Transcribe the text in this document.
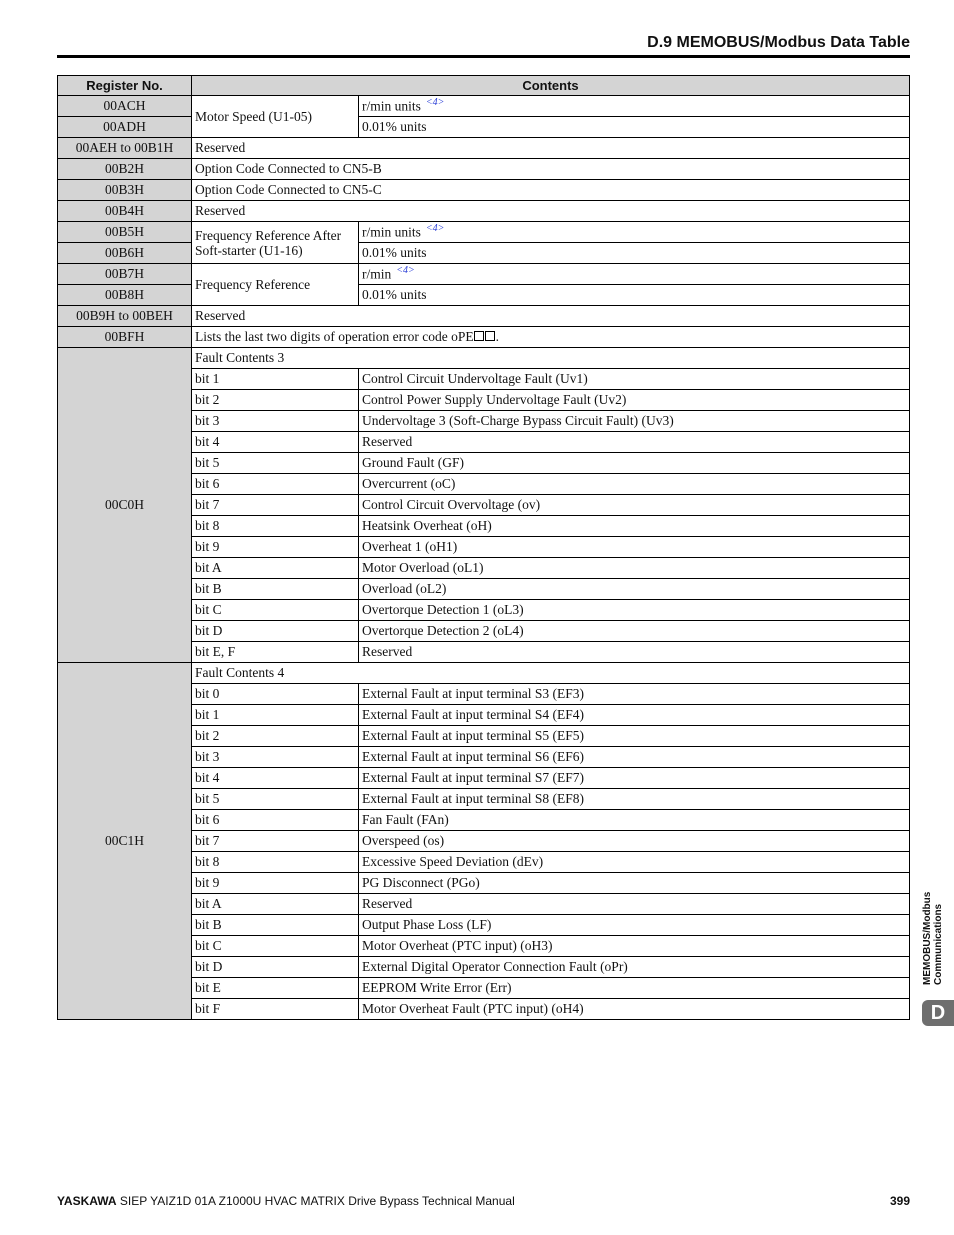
D.9 MEMOBUS/Modbus Data Table
Register No.	Contents	
00ACH	Motor Speed (U1-05)	r/min units $^{<4>}$
00ADH		0.01% units
00AEH to 00B1H	Reserved	
00B2H	Option Code Connected to CN5-B	
00B3H	Option Code Connected to CN5-C	
00B4H	Reserved	
00B5H	Frequency Reference After Soft-starter (U1-16)	r/min units $^{<4>}$
00B6H		0.01% units
00B7H	Frequency Reference	r/min $^{<4>}$
00B8H		0.01% units
00B9H to 00BEH	Reserved	
00BFH	Lists the last two digits of operation error code oPE .	
00C0H	Fault Contents 3	
	bit 1	Control Circuit Undervoltage Fault (Uv1)
	bit 2	Control Power Supply Undervoltage Fault (Uv2)
	bit 3	Undervoltage 3 (Soft-Charge Bypass Circuit Fault) (Uv3)
	bit 4	Reserved
	bit 5	Ground Fault (GF)
	bit 6	Overcurrent (oC)
	bit 7	Control Circuit Overvoltage (ov)
	bit 8	Heatsink Overheat (oH)
	bit 9	Overheat 1 (oH1)
	bit A	Motor Overload (oL1)
	bit B	Overload (oL2)
	bit C	Overtorque Detection 1 (oL3)
	bit D	Overtorque Detection 2 (oL4)
	bit E, F	Reserved
00C1H	Fault Contents 4	
	bit 0	External Fault at input terminal S3 (EF3)
	bit 1	External Fault at input terminal S4 (EF4)
	bit 2	External Fault at input terminal S5 (EF5)
	bit 3	External Fault at input terminal S6 (EF6)
	bit 4	External Fault at input terminal S7 (EF7)
	bit 5	External Fault at input terminal S8 (EF8)
	bit 6	Fan Fault (FAn)
	bit 7	Overspeed (os)
	bit 8	Excessive Speed Deviation (dEv)
	bit 9	PG Disconnect (PGo)
	bit A	Reserved
	bit B	Output Phase Loss (LF)
	bit C	Motor Overheat (PTC input) (oH3)
	bit D	External Digital Operator Connection Fault (oPr)
	bit E	EEPROM Write Error (Err)
	bit F	Motor Overheat Fault (PTC input) (oH4)
MEMOBUS/Modbus Communications
D
YASKAWA SIEP YAIZ1D 01A Z1000U HVAC MATRIX Drive Bypass Technical Manual	399
